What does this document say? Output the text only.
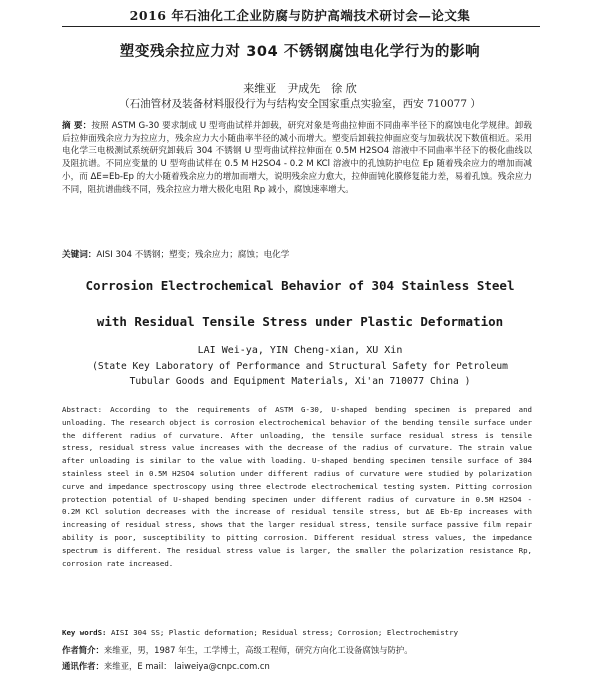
2016 年石油化工企业防腐与防护高端技术研讨会—论文集
塑变残余拉应力对 304 不锈钢腐蚀电化学行为的影响
来维亚　尹成先　徐 欣
（石油管材及装备材料服役行为与结构安全国家重点实验室，西安 710077 ）
摘 要：按照 ASTM G-30 要求制成 U 型弯曲试样并卸载，研究对象是弯曲拉伸面不同曲率半径下的腐蚀电化学规律。卸载后拉伸面残余应力为拉应力，残余应力大小随曲率半径的减小而增大。塑变后卸载拉伸面应变与加载状况下数值相近。采用电化学三电极测试系统研究卸载后 304 不锈钢 U 型弯曲试样拉伸面在 0.5M H2SO4 溶液中不同曲率半径下的极化曲线以及阻抗谱。不同应变量的 U 型弯曲试样在 0.5 M H2SO4 - 0.2 M KCl 溶液中的孔蚀防护电位 Ep 随着残余应力的增加而减小，而 ΔE=Eb-Ep 的大小随着残余应力的增加而增大，说明残余应力愈大，拉伸面钝化膜修复能力差，易着孔蚀。残余应力不同，阻抗谱曲线不同，残余拉应力增大极化电阻 Rp 减小，腐蚀速率增大。
关键词：AISI 304 不锈钢；塑变；残余应力；腐蚀；电化学
Corrosion Electrochemical Behavior of 304 Stainless Steel
with Residual Tensile Stress under Plastic Deformation
LAI Wei-ya, YIN Cheng-xian, XU Xin
(State Key Laboratory of Performance and Structural Safety for Petroleum
Tubular Goods and Equipment Materials, Xi'an 710077 China )
Abstract: According to the requirements of ASTM G-30, U-shaped bending specimen is prepared and unloading. The research object is corrosion electrochemical behavior of the bending tensile surface under the different radius of curvature. After unloading, the tensile surface residual stress is tensile stress, residual stress value increases with the decrease of the radius of curvature. The strain value after unloading is similar to the value with loading. U-shaped bending specimen tensile surface of 304 stainless steel in 0.5M H2SO4 solution under different radius of curvature were studied by polarization curve and impedance spectroscopy using three electrode electrochemical testing system. Pitting corrosion protection potential of U-shaped bending specimen under different radius of curvature in 0.5M H2SO4 - 0.2M KCl solution decreases with the increase of residual tensile stress, but ΔE Eb-Ep increases with increasing of residual stress, shows that the larger residual stress, tensile surface passive film repair ability is poor, susceptibility to pitting corrosion. Different residual stress values, the impedance spectrum is different. The residual stress value is larger, the smaller the polarization resistance Rp, corrosion rate increased.
Key wordS: AISI 304 SS; Plastic deformation; Residual stress; Corrosion; Electrochemistry
作者简介：来维亚，男，1987 年生，工学博士，高级工程师，研究方向化工设备腐蚀与防护。
通讯作者：来维亚，E mail： laiweiya@cnpc.com.cn
